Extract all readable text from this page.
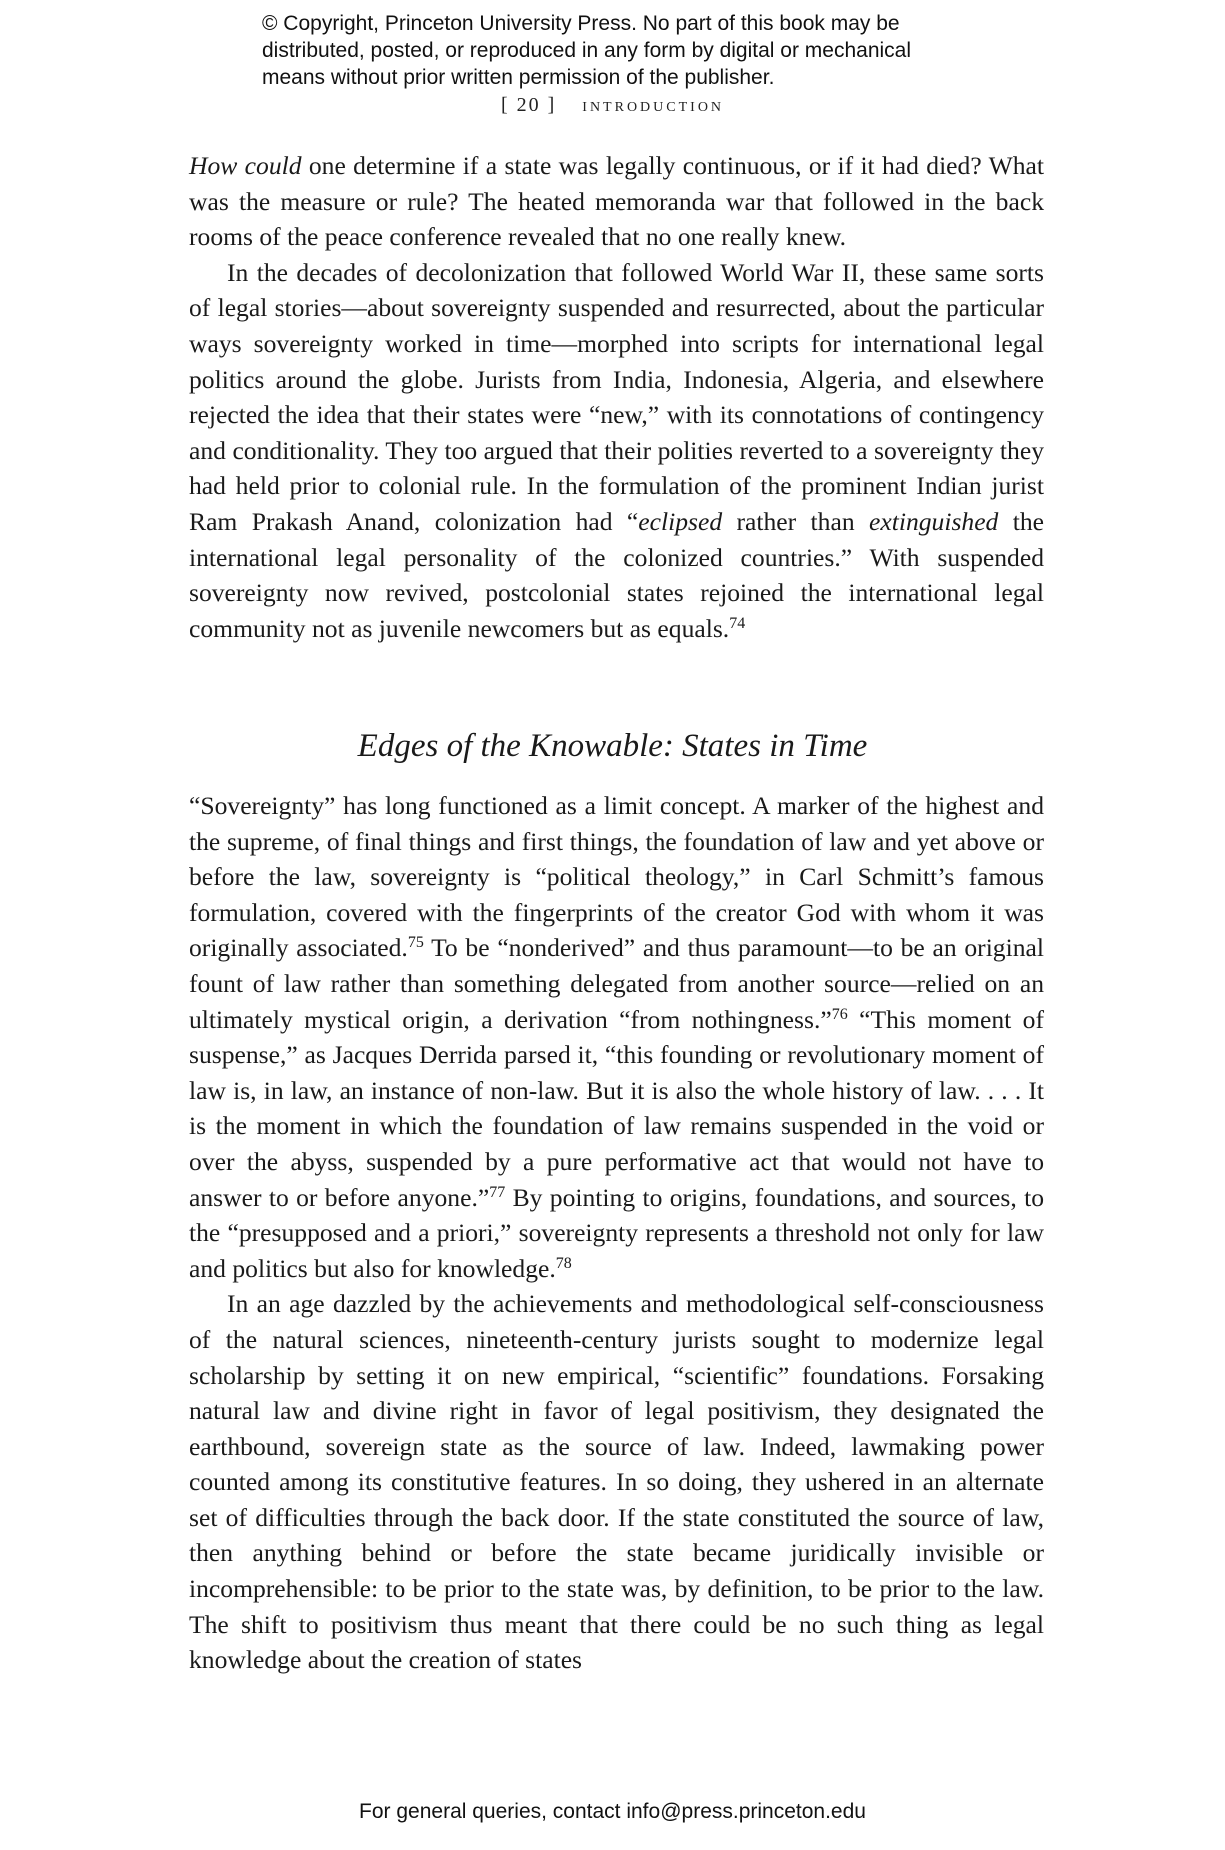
© Copyright, Princeton University Press. No part of this book may be
distributed, posted, or reproduced in any form by digital or mechanical
means without prior written permission of the publisher.
[ 20 ] introduction

How could one determine if a state was legally continuous, or if it had died? What was the measure or rule? The heated memoranda war that followed in the back rooms of the peace conference revealed that no one really knew.

In the decades of decolonization that followed World War II, these same sorts of legal stories—about sovereignty suspended and resurrected, about the particular ways sovereignty worked in time—morphed into scripts for international legal politics around the globe. Jurists from India, Indonesia, Algeria, and elsewhere rejected the idea that their states were “new,” with its connotations of contingency and conditionality. They too argued that their polities reverted to a sovereignty they had held prior to colonial rule. In the formulation of the prominent Indian jurist Ram Prakash Anand, colonization had “eclipsed rather than extinguished the international legal personality of the colonized countries.” With suspended sovereignty now revived, postcolonial states rejoined the international legal community not as juvenile newcomers but as equals.$^{74}$

Edges of the Knowable: States in Time

“Sovereignty” has long functioned as a limit concept. A marker of the highest and the supreme, of final things and first things, the foundation of law and yet above or before the law, sovereignty is “political theology,” in Carl Schmitt’s famous formulation, covered with the fingerprints of the creator God with whom it was originally associated.$^{75}$ To be “nonderived” and thus paramount—to be an original fount of law rather than something delegated from another source—relied on an ultimately mystical origin, a derivation “from nothingness.”$^{76}$ “This moment of suspense,” as Jacques Derrida parsed it, “this founding or revolutionary moment of law is, in law, an instance of non-law. But it is also the whole history of law. . . . It is the moment in which the foundation of law remains suspended in the void or over the abyss, suspended by a pure performative act that would not have to answer to or before anyone.”$^{77}$ By pointing to origins, foundations, and sources, to the “presupposed and a priori,” sovereignty represents a threshold not only for law and politics but also for knowledge.$^{78}$

In an age dazzled by the achievements and methodological self-consciousness of the natural sciences, nineteenth-century jurists sought to modernize legal scholarship by setting it on new empirical, “scientific” foundations. Forsaking natural law and divine right in favor of legal positivism, they designated the earthbound, sovereign state as the source of law. Indeed, lawmaking power counted among its constitutive features. In so doing, they ushered in an alternate set of difficulties through the back door. If the state constituted the source of law, then anything behind or before the state became juridically invisible or incomprehensible: to be prior to the state was, by definition, to be prior to the law. The shift to positivism thus meant that there could be no such thing as legal knowledge about the creation of states

For general queries, contact info@press.princeton.edu
